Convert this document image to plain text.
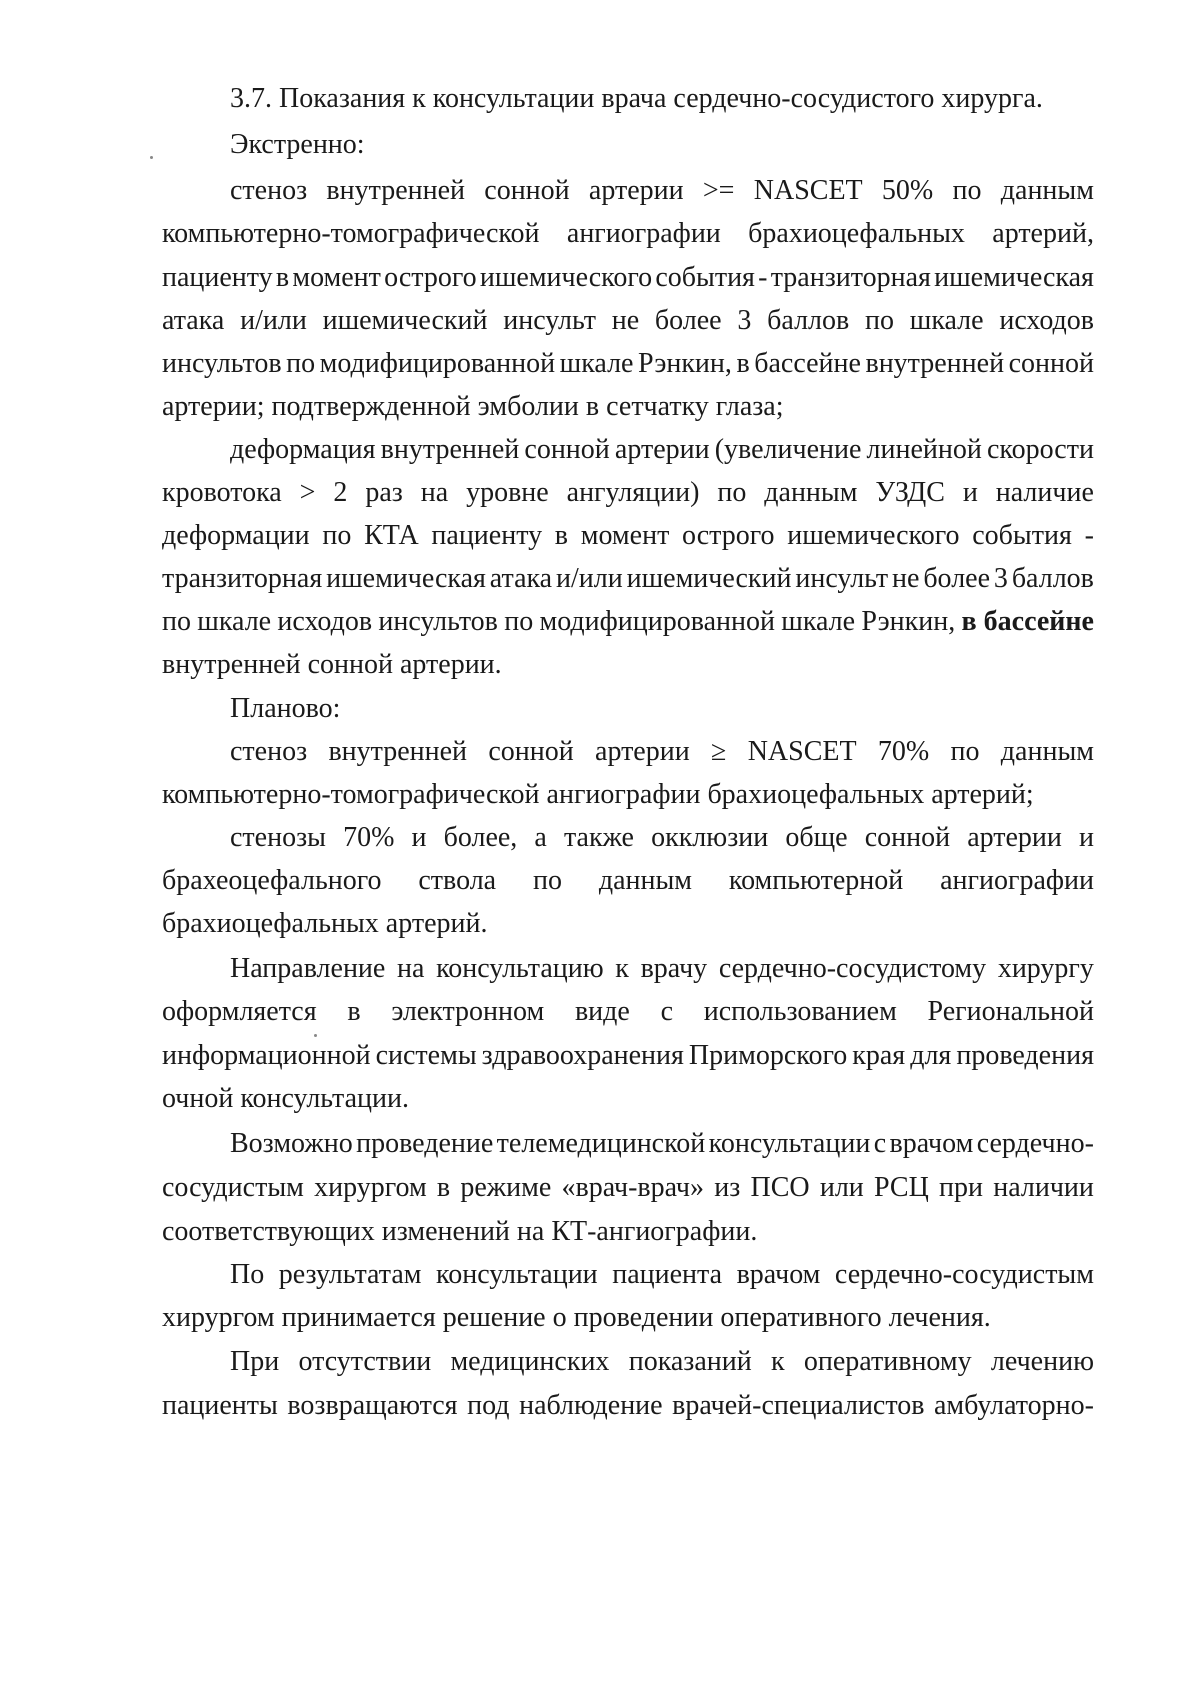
3.7. Показания к консультации врача сердечно-сосудистого хирурга.
Экстренно:
стеноз внутренней сонной артерии >= NASCET 50% по данным
компьютерно-томографической ангиографии брахиоцефальных артерий,
пациенту в момент острого ишемического события - транзиторная ишемическая
атака и/или ишемический инсульт не более 3 баллов по шкале исходов
инсультов по модифицированной шкале Рэнкин, в бассейне внутренней сонной
артерии; подтвержденной эмболии в сетчатку глаза;
деформация внутренней сонной артерии (увеличение линейной скорости
кровотока > 2 раз на уровне ангуляции) по данным УЗДС и наличие
деформации по КТА пациенту в момент острого ишемического события -
транзиторная ишемическая атака и/или ишемический инсульт не более 3 баллов
по шкале исходов инсультов по модифицированной шкале Рэнкин, в бассейне
внутренней сонной артерии.
Планово:
стеноз внутренней сонной артерии ≥ NASCET 70% по данным
компьютерно-томографической ангиографии брахиоцефальных артерий;
стенозы 70% и более, а также окклюзии обще сонной артерии и
брахеоцефального ствола по данным компьютерной ангиографии
брахиоцефальных артерий.
Направление на консультацию к врачу сердечно-сосудистому хирургу
оформляется в электронном виде с использованием Региональной
информационной системы здравоохранения Приморского края для проведения
очной консультации.
Возможно проведение телемедицинской консультации с врачом сердечно-
сосудистым хирургом в режиме «врач-врач» из ПСО или РСЦ при наличии
соответствующих изменений на КТ-ангиографии.
По результатам консультации пациента врачом сердечно-сосудистым
хирургом принимается решение о проведении оперативного лечения.
При отсутствии медицинских показаний к оперативному лечению
пациенты возвращаются под наблюдение врачей-специалистов амбулаторно-
